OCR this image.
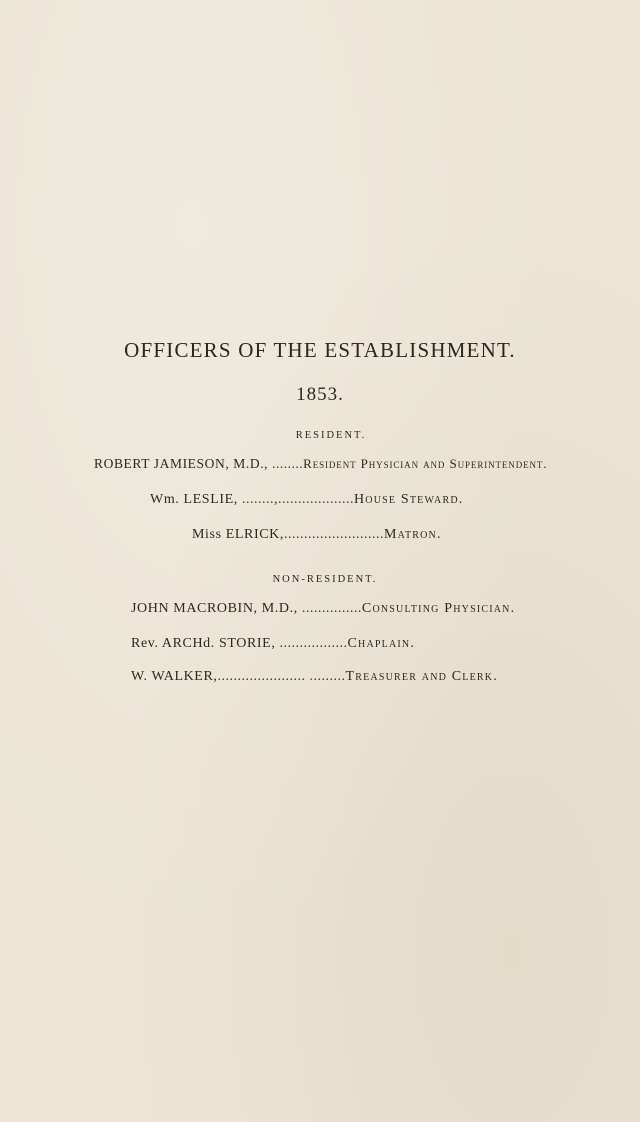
OFFICERS OF THE ESTABLISHMENT.
1853.
RESIDENT.
ROBERT JAMIESON, M.D., ........Resident Physician and Superintendent.
Wm. LESLIE, ........,...................House Steward.
Miss ELRICK,.........................Matron.
NON-RESIDENT.
JOHN MACROBIN, M.D., ...............Consulting Physician.
Rev. ARCHd. STORIE, .................Chaplain.
W. WALKER,...................... .........Treasurer and Clerk.
